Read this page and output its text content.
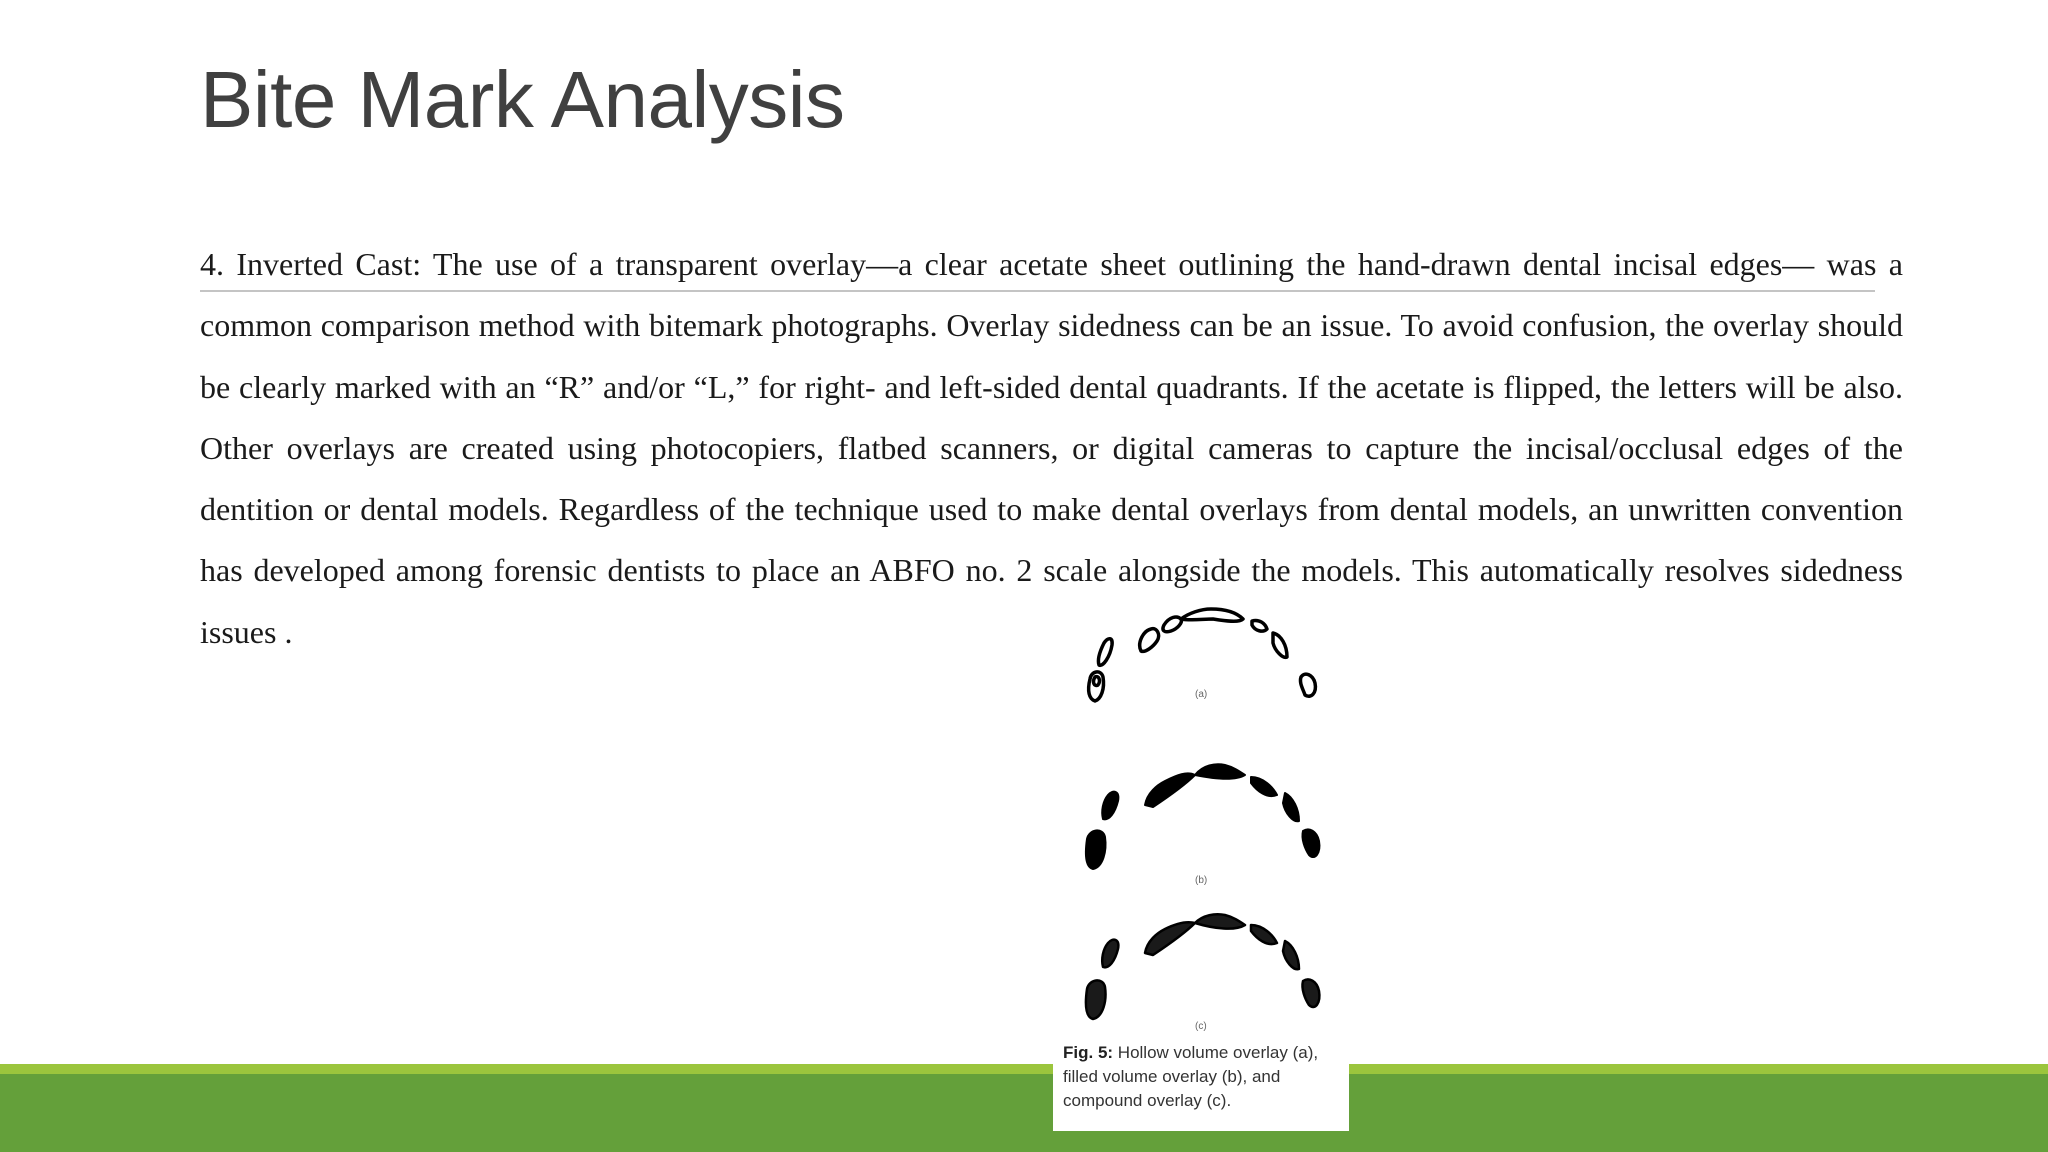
Bite Mark Analysis
4. Inverted Cast: The use of a transparent overlay—a clear acetate sheet outlining the hand-drawn dental incisal edges— was a common comparison method with bitemark photographs. Overlay sidedness can be an issue. To avoid confusion, the overlay should be clearly marked with an “R” and/or “L,” for right- and left-sided dental quadrants. If the acetate is flipped, the letters will be also. Other overlays are created using photocopiers, flatbed scanners, or digital cameras to capture the incisal/occlusal edges of the dentition or dental models. Regardless of the technique used to make dental overlays from dental models, an unwritten convention has developed among forensic dentists to place an ABFO no. 2 scale alongside the models. This automatically resolves sidedness issues .
(a)
(b)
(c)
Fig. 5: Hollow volume overlay (a), filled volume overlay (b), and compound overlay (c).
